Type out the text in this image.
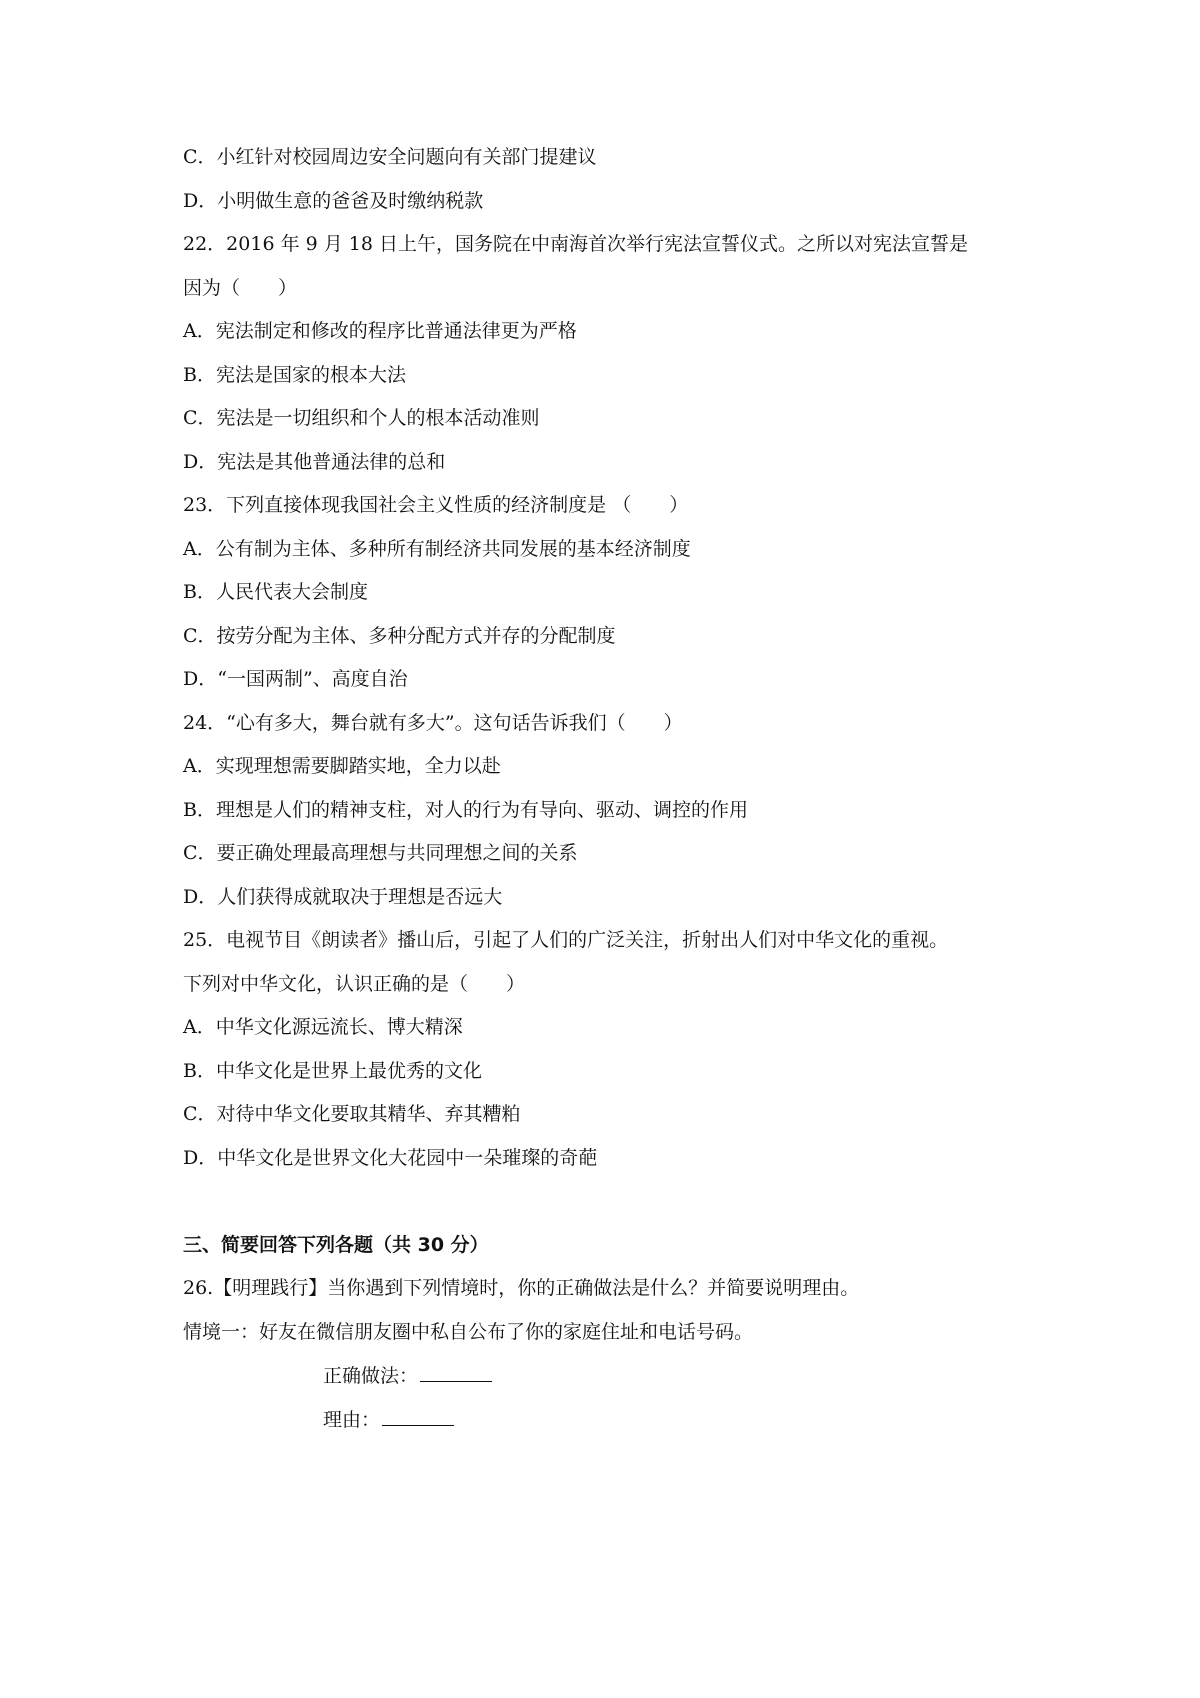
C．小红针对校园周边安全问题向有关部门提建议
D．小明做生意的爸爸及时缴纳税款
22．2016 年 9 月 18 日上午，国务院在中南海首次举行宪法宣誓仪式。之所以对宪法宣誓是
因为（　　）
A．宪法制定和修改的程序比普通法律更为严格
B．宪法是国家的根本大法
C．宪法是一切组织和个人的根本活动准则
D．宪法是其他普通法律的总和
23．下列直接体现我国社会主义性质的经济制度是 （　　）
A．公有制为主体、多种所有制经济共同发展的基本经济制度
B．人民代表大会制度
C．按劳分配为主体、多种分配方式并存的分配制度
D．“一国两制”、高度自治
24．“心有多大，舞台就有多大”。这句话告诉我们（　　）
A．实现理想需要脚踏实地，全力以赴
B．理想是人们的精神支柱，对人的行为有导向、驱动、调控的作用
C．要正确处理最高理想与共同理想之间的关系
D．人们获得成就取决于理想是否远大
25．电视节目《朗读者》播山后，引起了人们的广泛关注，折射出人们对中华文化的重视。
下列对中华文化，认识正确的是（　　）
A．中华文化源远流长、博大精深
B．中华文化是世界上最优秀的文化
C．对待中华文化要取其精华、弃其糟粕
D．中华文化是世界文化大花园中一朵璀璨的奇葩
三、简要回答下列各题（共 30 分）
26.【明理践行】当你遇到下列情境时，你的正确做法是什么？并简要说明理由。
情境一：好友在微信朋友圈中私自公布了你的家庭住址和电话号码。
正确做法：
理由：
